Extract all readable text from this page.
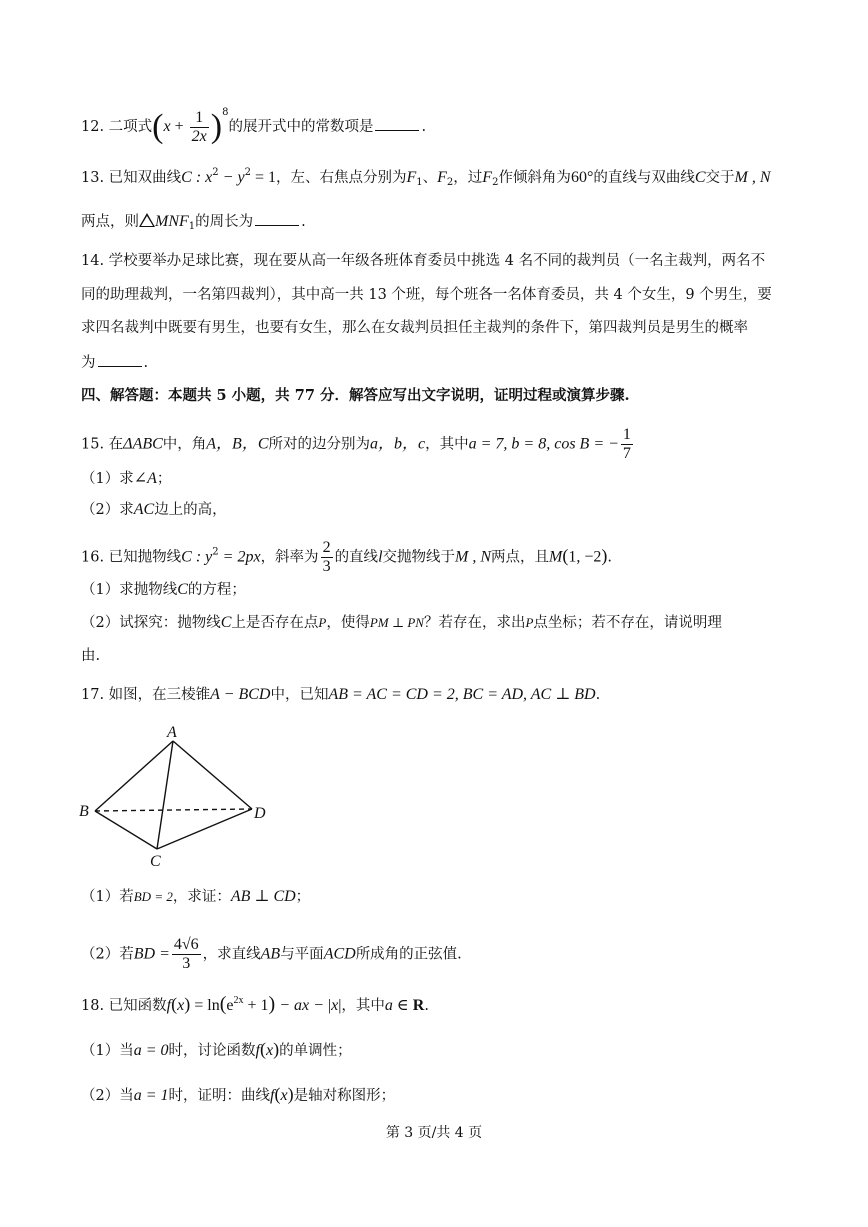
12. 二项式$(x + \frac{1}{2x} )^8$的展开式中的常数项是	.
13. 已知双曲线C : $x^2 - y^2 = 1$，左、右焦点分别为$F_1$、$F_2$，过$F_2$作倾斜角为60°的直线与双曲线C交于M , N
两点，则 $MNF_1$的周长为	.
14. 学校要举办足球比赛，现在要从高一年级各班体育委员中挑选 4 名不同的裁判员（一名主裁判，两名不
同的助理裁判，一名第四裁判），其中高一共 13 个班，每个班各一名体育委员，共 4 个女生，9 个男生，要
求四名裁判中既要有男生，也要有女生，那么在女裁判员担任主裁判的条件下，第四裁判员是男生的概率
为	.
四、解答题：本题共 5 小题，共 77 分．解答应写出文字说明，证明过程或演算步骤.
15. 在ΔABC中，角A，B，C所对的边分别为a，b，c，其中a = 7, b = 8, cos B = − $\frac{1}{7}$
（1）求∠A；
（2）求AC边上的高，
16. 已知抛物线C : $y^2 = 2px$，斜率为 $\frac{2}{3}$ 的直线l交抛物线于M , N两点，且M(1, −2).
（1）求抛物线C的方程；
（2）试探究：抛物线C上是否存在点P，使得PM ⊥ PN？若存在，求出P点坐标；若不存在，请说明理
由.
17. 如图，在三棱锥A − BCD中，已知AB = AC = CD = 2, BC = AD, AC ⊥ BD.
A
B
C
D
（1）若BD = 2，求证：AB ⊥ CD；
（2）若BD = $\frac{4√6}{3}$ ，求直线AB与平面ACD所成角的正弦值.
18. 已知函数$f(x) = \ln(e^{2x} + 1)$ − ax − |x|，其中a ∈ R.
（1）当a = 0时，讨论函数f(x)的单调性；
（2）当a = 1时，证明：曲线f(x)是轴对称图形；
第 3 页/共 4 页
